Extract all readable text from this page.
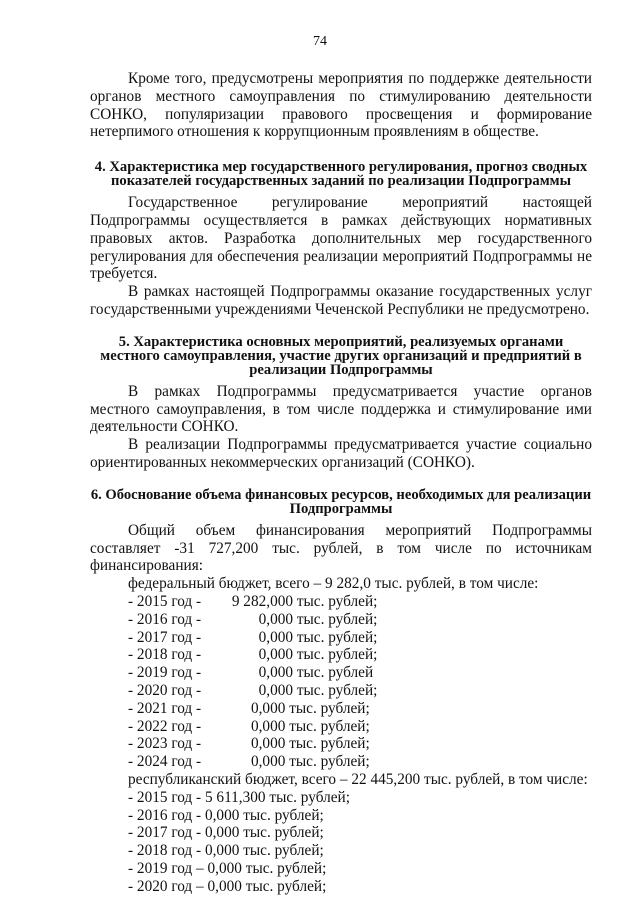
74

Кроме того, предусмотрены мероприятия по поддержке деятельности органов местного самоуправления по стимулированию деятельности СОНКО, популяризации правового просвещения и формирование нетерпимого отношения к коррупционным проявлениям в обществе.

4. Характеристика мер государственного регулирования, прогноз сводных показателей государственных заданий по реализации Подпрограммы

Государственное регулирование мероприятий настоящей Подпрограммы осуществляется в рамках действующих нормативных правовых актов. Разработка дополнительных мер государственного регулирования для обеспечения реализации мероприятий Подпрограммы не требуется.

В рамках настоящей Подпрограммы оказание государственных услуг государственными учреждениями Чеченской Республики не предусмотрено.

5. Характеристика основных мероприятий, реализуемых органами местного самоуправления, участие других организаций и предприятий в реализации Подпрограммы

В рамках Подпрограммы предусматривается участие органов местного самоуправления, в том числе поддержка и стимулирование ими деятельности СОНКО.

В реализации Подпрограммы предусматривается участие социально ориентированных некоммерческих организаций (СОНКО).

6. Обоснование объема финансовых ресурсов, необходимых для реализации Подпрограммы

Общий объем финансирования мероприятий Подпрограммы составляет -31 727,200 тыс. рублей, в том числе по источникам финансирования:

федеральный бюджет, всего – 9 282,0 тыс. рублей, в том числе:

- 2015 год - 9 282,000 тыс. рублей;
- 2016 год -        0,000 тыс. рублей;
- 2017 год -        0,000 тыс. рублей;
- 2018 год -        0,000 тыс. рублей;
- 2019 год -        0,000 тыс. рублей
- 2020 год -        0,000 тыс. рублей;
- 2021 год -      0,000 тыс. рублей;
- 2022 год -      0,000 тыс. рублей;
- 2023 год -      0,000 тыс. рублей;
- 2024 год -      0,000 тыс. рублей;

республиканский бюджет, всего – 22 445,200 тыс. рублей, в том числе:

- 2015 год - 5 611,300 тыс. рублей;
- 2016 год - 0,000 тыс. рублей;
- 2017 год - 0,000 тыс. рублей;
- 2018 год - 0,000 тыс. рублей;
- 2019 год – 0,000 тыс. рублей;
- 2020 год – 0,000 тыс. рублей;
